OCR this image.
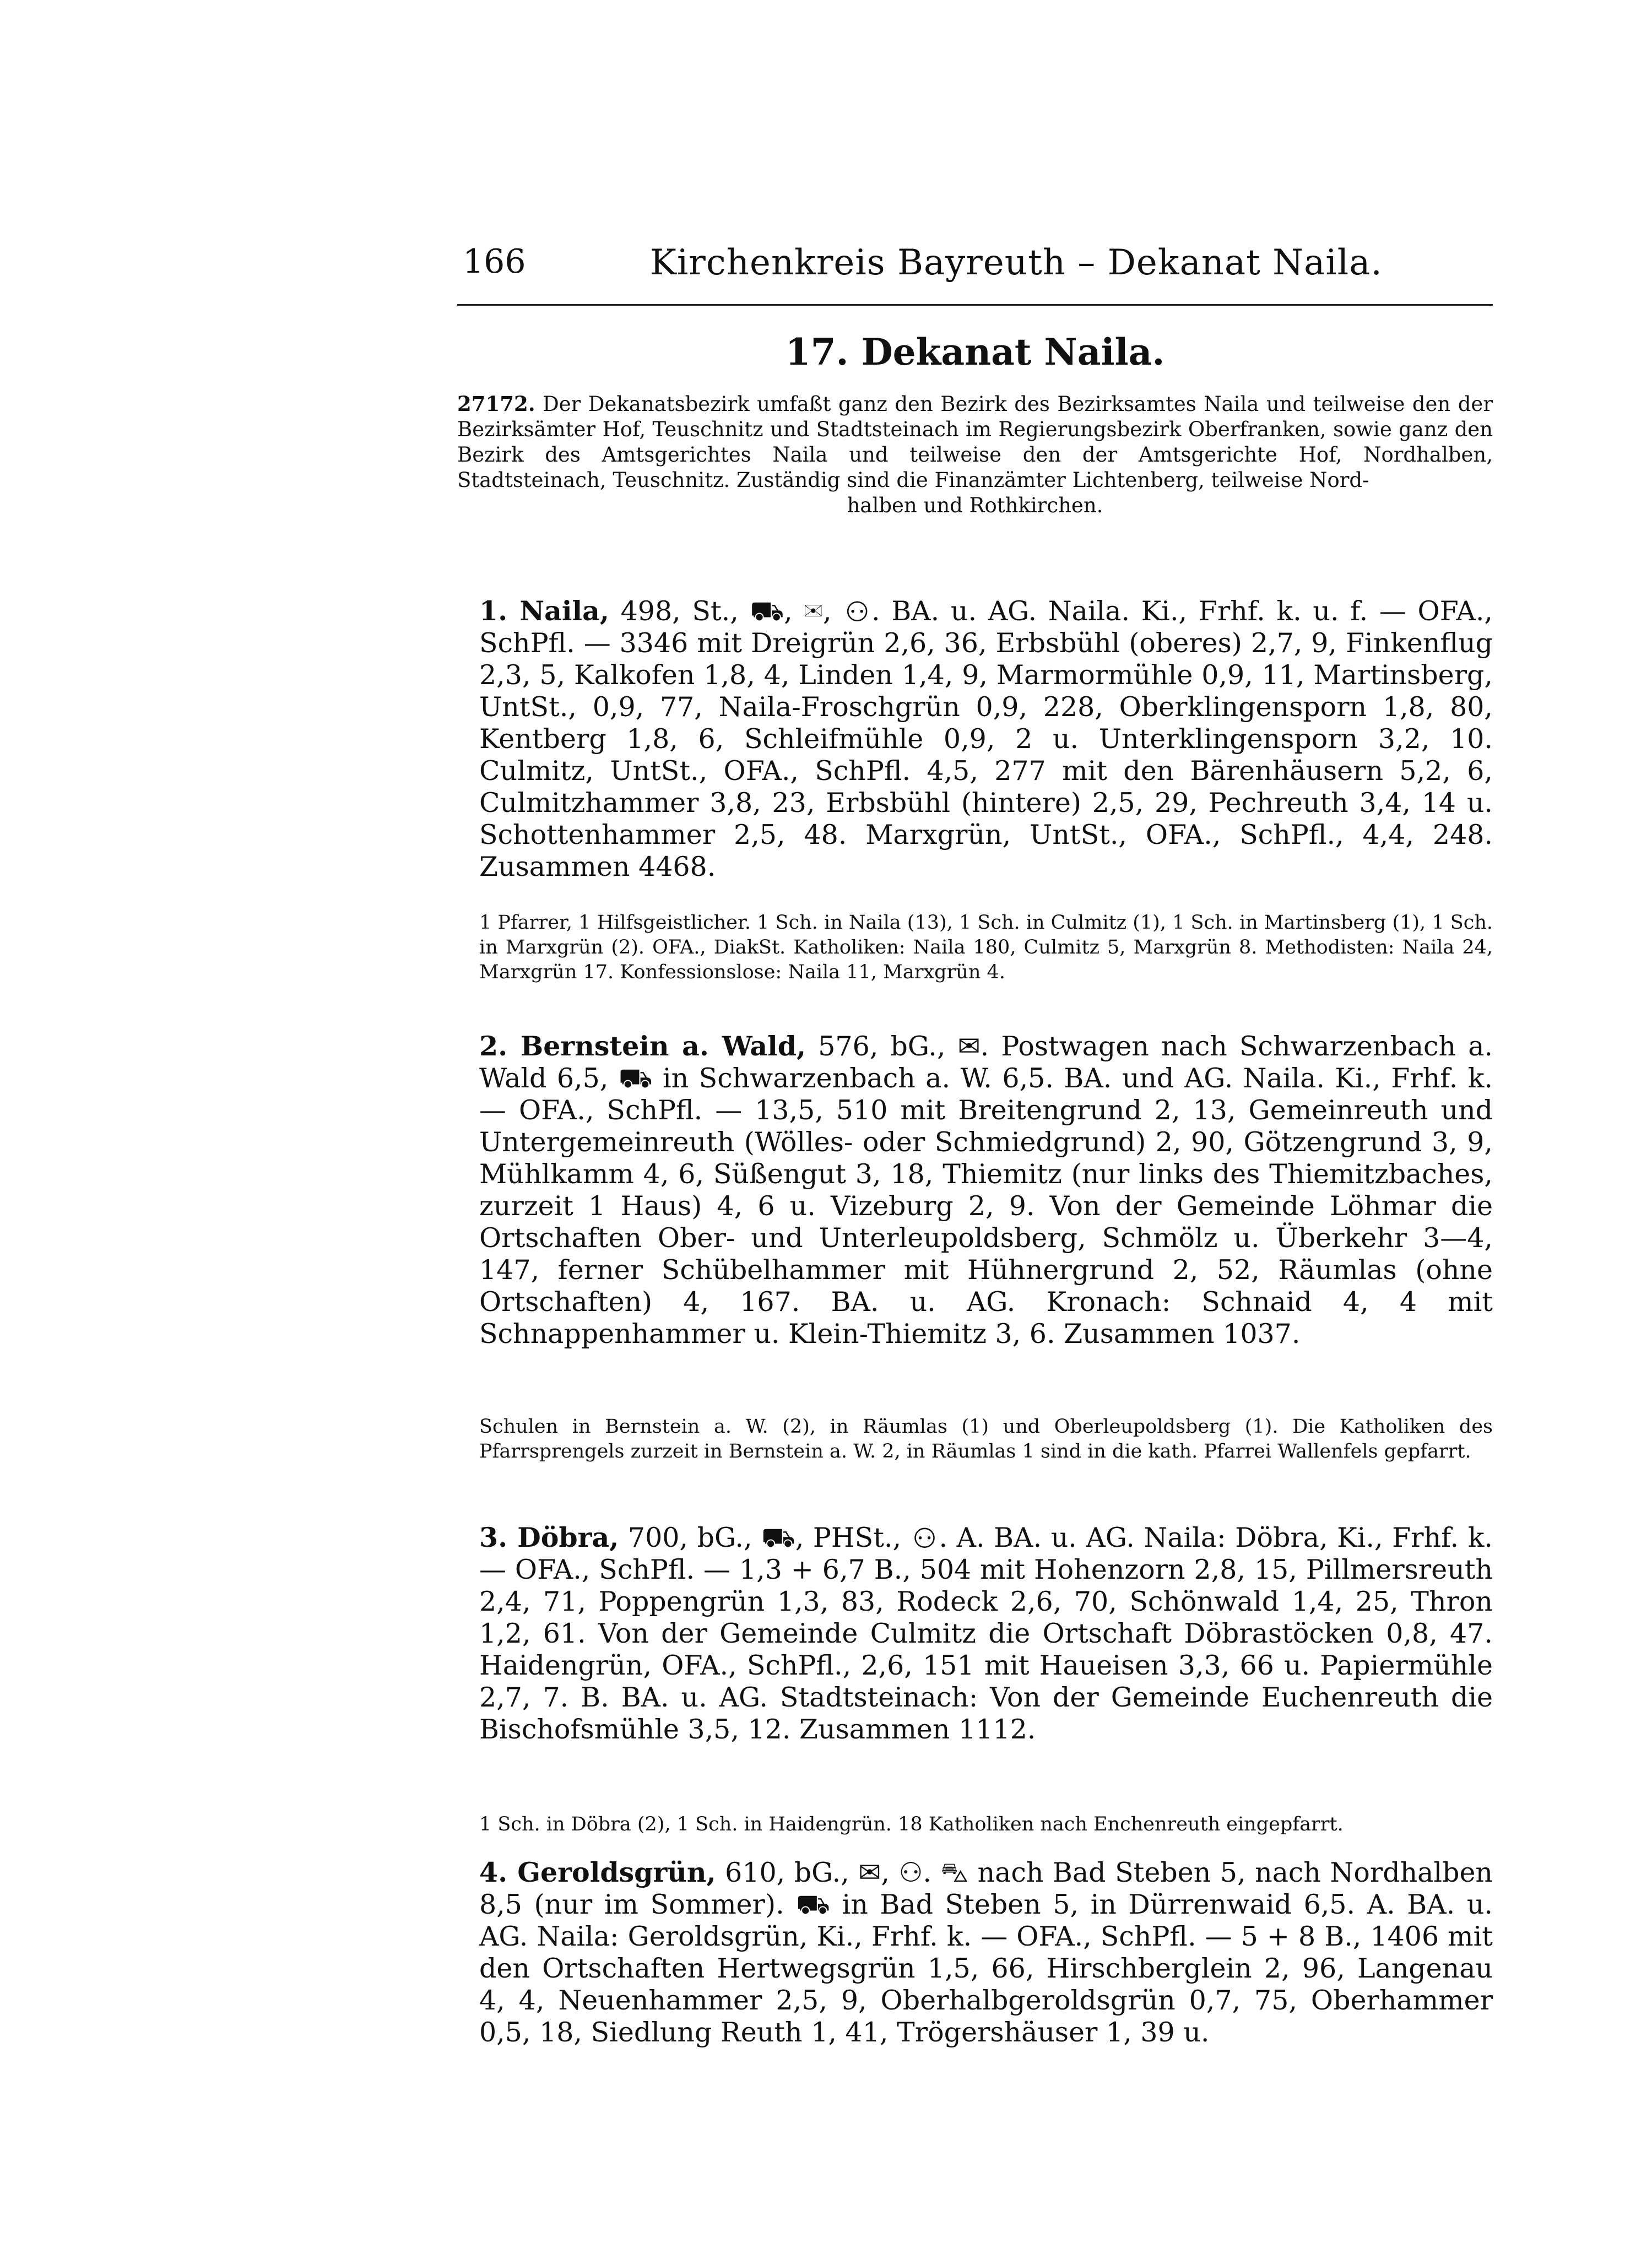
166	Kirchenkreis Bayreuth – Dekanat Naila.
17. Dekanat Naila.
27172. Der Dekanatsbezirk umfaßt ganz den Bezirk des Bezirksamtes Naila und teilweise den der Bezirksämter Hof, Teuschnitz und Stadtsteinach im Regierungsbezirk Oberfranken, sowie ganz den Bezirk des Amtsgerichtes Naila und teilweise den der Amtsgerichte Hof, Nordhalben, Stadtsteinach, Teuschnitz. Zuständig sind die Finanzämter Lichtenberg, teilweise Nord-
halben und Rothkirchen.
1. Naila, 498, St., ⛟, ✉, ⚇. BA. u. AG. Naila. Ki., Frhf. k. u. f. — OFA., SchPfl. — 3346 mit Dreigrün 2,6, 36, Erbsbühl (oberes) 2,7, 9, Finkenflug 2,3, 5, Kalkofen 1,8, 4, Linden 1,4, 9, Marmormühle 0,9, 11, Martinsberg, UntSt., 0,9, 77, Naila-Froschgrün 0,9, 228, Oberklingensporn 1,8, 80, Kentberg 1,8, 6, Schleifmühle 0,9, 2 u. Unterklingensporn 3,2, 10. Culmitz, UntSt., OFA., SchPfl. 4,5, 277 mit den Bärenhäusern 5,2, 6, Culmitzhammer 3,8, 23, Erbsbühl (hintere) 2,5, 29, Pechreuth 3,4, 14 u. Schottenhammer 2,5, 48. Marxgrün, UntSt., OFA., SchPfl., 4,4, 248. Zusammen 4468.
1 Pfarrer, 1 Hilfsgeistlicher. 1 Sch. in Naila (13), 1 Sch. in Culmitz (1), 1 Sch. in Martinsberg (1), 1 Sch. in Marxgrün (2). OFA., DiakSt. Katholiken: Naila 180, Culmitz 5, Marxgrün 8. Methodisten: Naila 24, Marxgrün 17. Konfessionslose: Naila 11, Marxgrün 4.
2. Bernstein a. Wald, 576, bG., ✉. Postwagen nach Schwarzenbach a. Wald 6,5, ⛟ in Schwarzenbach a. W. 6,5. BA. und AG. Naila. Ki., Frhf. k. — OFA., SchPfl. — 13,5, 510 mit Breitengrund 2, 13, Gemeinreuth und Untergemeinreuth (Wölles- oder Schmiedgrund) 2, 90, Götzengrund 3, 9, Mühlkamm 4, 6, Süßengut 3, 18, Thiemitz (nur links des Thiemitzbaches, zurzeit 1 Haus) 4, 6 u. Vizeburg 2, 9. Von der Gemeinde Löhmar die Ortschaften Ober- und Unterleupoldsberg, Schmölz u. Überkehr 3—4, 147, ferner Schübelhammer mit Hühnergrund 2, 52, Räumlas (ohne Ortschaften) 4, 167. BA. u. AG. Kronach: Schnaid 4, 4 mit Schnappenhammer u. Klein-Thiemitz 3, 6. Zusammen 1037.
Schulen in Bernstein a. W. (2), in Räumlas (1) und Oberleupoldsberg (1). Die Katholiken des Pfarrsprengels zurzeit in Bernstein a. W. 2, in Räumlas 1 sind in die kath. Pfarrei Wallenfels gepfarrt.
3. Döbra, 700, bG., ⛟, PHSt., ⚇. A. BA. u. AG. Naila: Döbra, Ki., Frhf. k. — OFA., SchPfl. — 1,3 + 6,7 B., 504 mit Hohenzorn 2,8, 15, Pillmersreuth 2,4, 71, Poppengrün 1,3, 83, Rodeck 2,6, 70, Schönwald 1,4, 25, Thron 1,2, 61. Von der Gemeinde Culmitz die Ortschaft Döbrastöcken 0,8, 47. Haidengrün, OFA., SchPfl., 2,6, 151 mit Haueisen 3,3, 66 u. Papiermühle 2,7, 7. B. BA. u. AG. Stadtsteinach: Von der Gemeinde Euchenreuth die Bischofsmühle 3,5, 12. Zusammen 1112.
1 Sch. in Döbra (2), 1 Sch. in Haidengrün. 18 Katholiken nach Enchenreuth eingepfarrt.
4. Geroldsgrün, 610, bG., ✉, ⚇. ⛍ nach Bad Steben 5, nach Nordhalben 8,5 (nur im Sommer). ⛟ in Bad Steben 5, in Dürrenwaid 6,5. A. BA. u. AG. Naila: Geroldsgrün, Ki., Frhf. k. — OFA., SchPfl. — 5 + 8 B., 1406 mit den Ortschaften Hertwegsgrün 1,5, 66, Hirschberglein 2, 96, Langenau 4, 4, Neuenhammer 2,5, 9, Oberhalbgeroldsgrün 0,7, 75, Oberhammer 0,5, 18, Siedlung Reuth 1, 41, Trögershäuser 1, 39 u.
